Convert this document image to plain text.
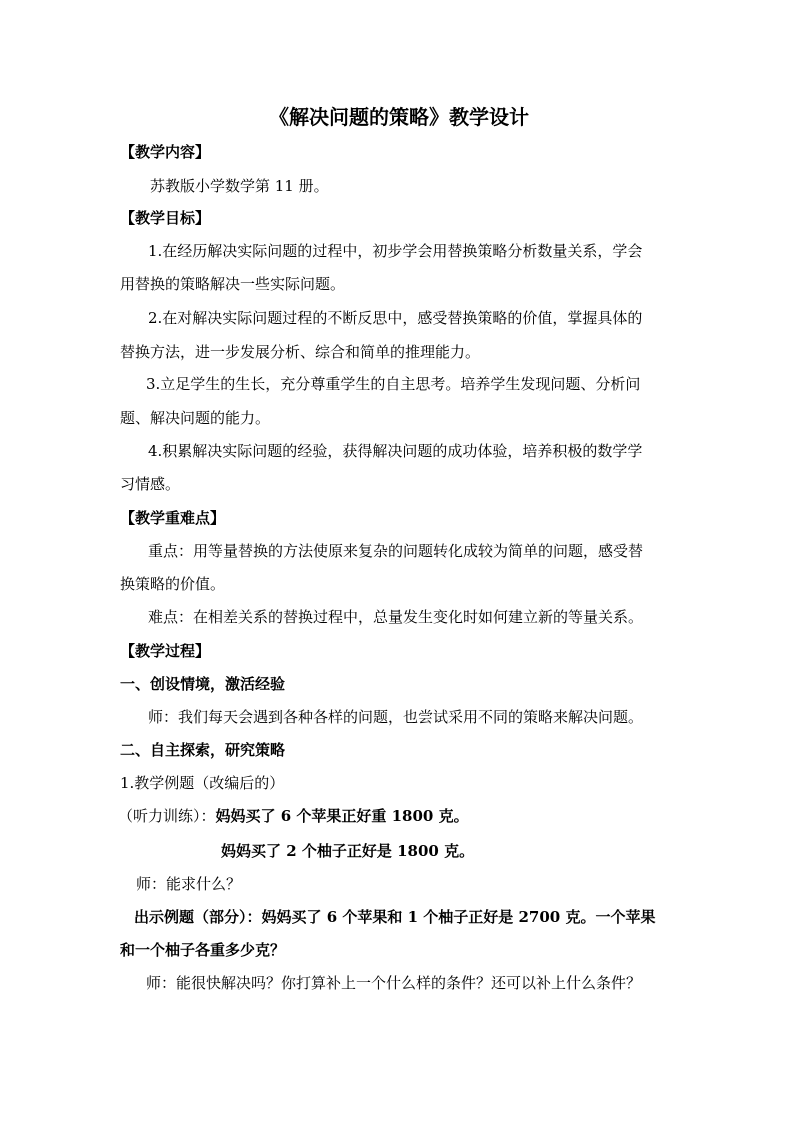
《解决问题的策略》教学设计
【教学内容】
苏教版小学数学第 11 册。
【教学目标】
1.在经历解决实际问题的过程中，初步学会用替换策略分析数量关系，学会
用替换的策略解决一些实际问题。
2.在对解决实际问题过程的不断反思中，感受替换策略的价值，掌握具体的
替换方法，进一步发展分析、综合和简单的推理能力。
3.立足学生的生长，充分尊重学生的自主思考。培养学生发现问题、分析问
题、解决问题的能力。
4.积累解决实际问题的经验，获得解决问题的成功体验，培养积极的数学学
习情感。
【教学重难点】
重点：用等量替换的方法使原来复杂的问题转化成较为简单的问题，感受替
换策略的价值。
难点：在相差关系的替换过程中，总量发生变化时如何建立新的等量关系。
【教学过程】
一、创设情境，激活经验
师：我们每天会遇到各种各样的问题，也尝试采用不同的策略来解决问题。
二、自主探索，研究策略
1.教学例题（改编后的）
（听力训练）：妈妈买了 6 个苹果正好重 1800 克。
妈妈买了 2 个柚子正好是 1800 克。
师：能求什么？
出示例题（部分）：妈妈买了 6 个苹果和 1 个柚子正好是 2700 克。一个苹果
和一个柚子各重多少克？
师：能很快解决吗？你打算补上一个什么样的条件？还可以补上什么条件？
